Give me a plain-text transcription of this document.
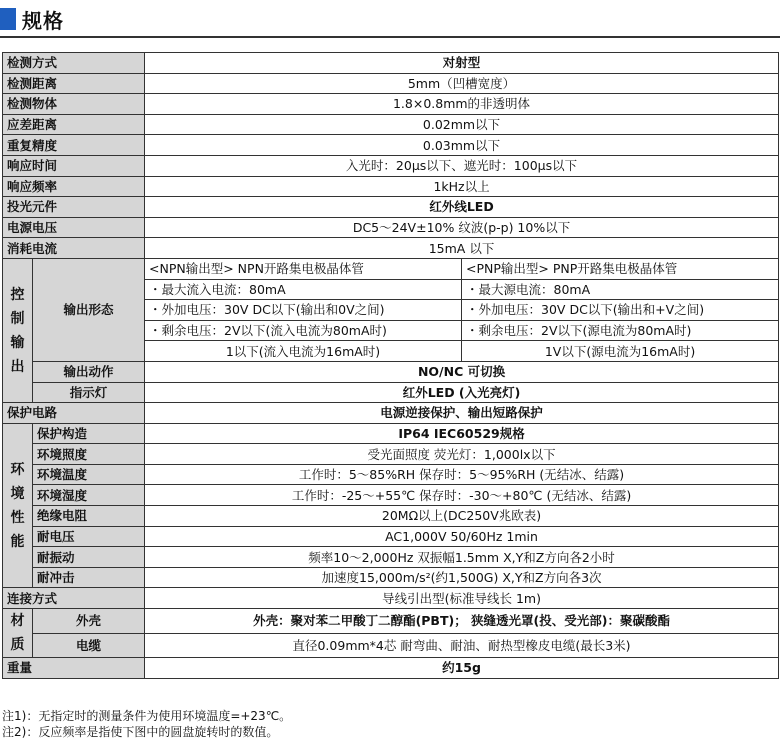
规格
检测方式		对射型	
检测距离		5mm（凹槽宽度）	
检测物体		1.8×0.8mm的非透明体	
应差距离		0.02mm以下	
重复精度		0.03mm以下	
响应时间		入光时：20μs以下、遮光时：100μs以下	
响应频率		1kHz以上	
投光元件		红外线LED	
电源电压		DC5～24V±10% 纹波(p-p) 10%以下	
消耗电流		15mA 以下	

控制输出	输出形态	<NPN输出型> NPN开路集电极晶体管	<PNP输出型> PNP开路集电极晶体管
		・最大流入电流：80mA	・最大源电流：80mA
		・外加电压：30V DC以下(输出和0V之间)	・外加电压：30V DC以下(输出和+V之间)
		・剩余电压：2V以下(流入电流为80mA时)	・剩余电压：2V以下(源电流为80mA时)
		1以下(流入电流为16mA时)	1V以下(源电流为16mA时)
	输出动作	NO/NC 可切换	
	指示灯	红外LED (入光亮灯)	
保护电路		电源逆接保护、输出短路保护	

环境性能	保护构造	IP64 IEC60529规格	
	环境照度	受光面照度 荧光灯：1,000lx以下	
	环境温度	工作时：5～85%RH 保存时：5～95%RH (无结冰、结露)	
	环境湿度	工作时：-25～+55℃ 保存时：-30～+80℃ (无结冰、结露)	
	绝缘电阻	20MΩ以上(DC250V兆欧表)	
	耐电压	AC1,000V 50/60Hz 1min	
	耐振动	频率10～2,000Hz 双振幅1.5mm X,Y和Z方向各2小时	
	耐冲击	加速度15,000m/s²(约1,500G) X,Y和Z方向各3次	
连接方式		导线引出型(标准导线长 1m)	

材质	外壳	外壳：聚对苯二甲酸丁二醇酯(PBT)； 狭缝透光罩(投、受光部)：聚碳酸酯	
	电缆	直径0.09mm*4芯 耐弯曲、耐油、耐热型橡皮电缆(最长3米)	
重量		约15g	
注1)：无指定时的测量条件为使用环境温度=+23℃。
注2)：反应频率是指使下图中的圆盘旋转时的数值。
